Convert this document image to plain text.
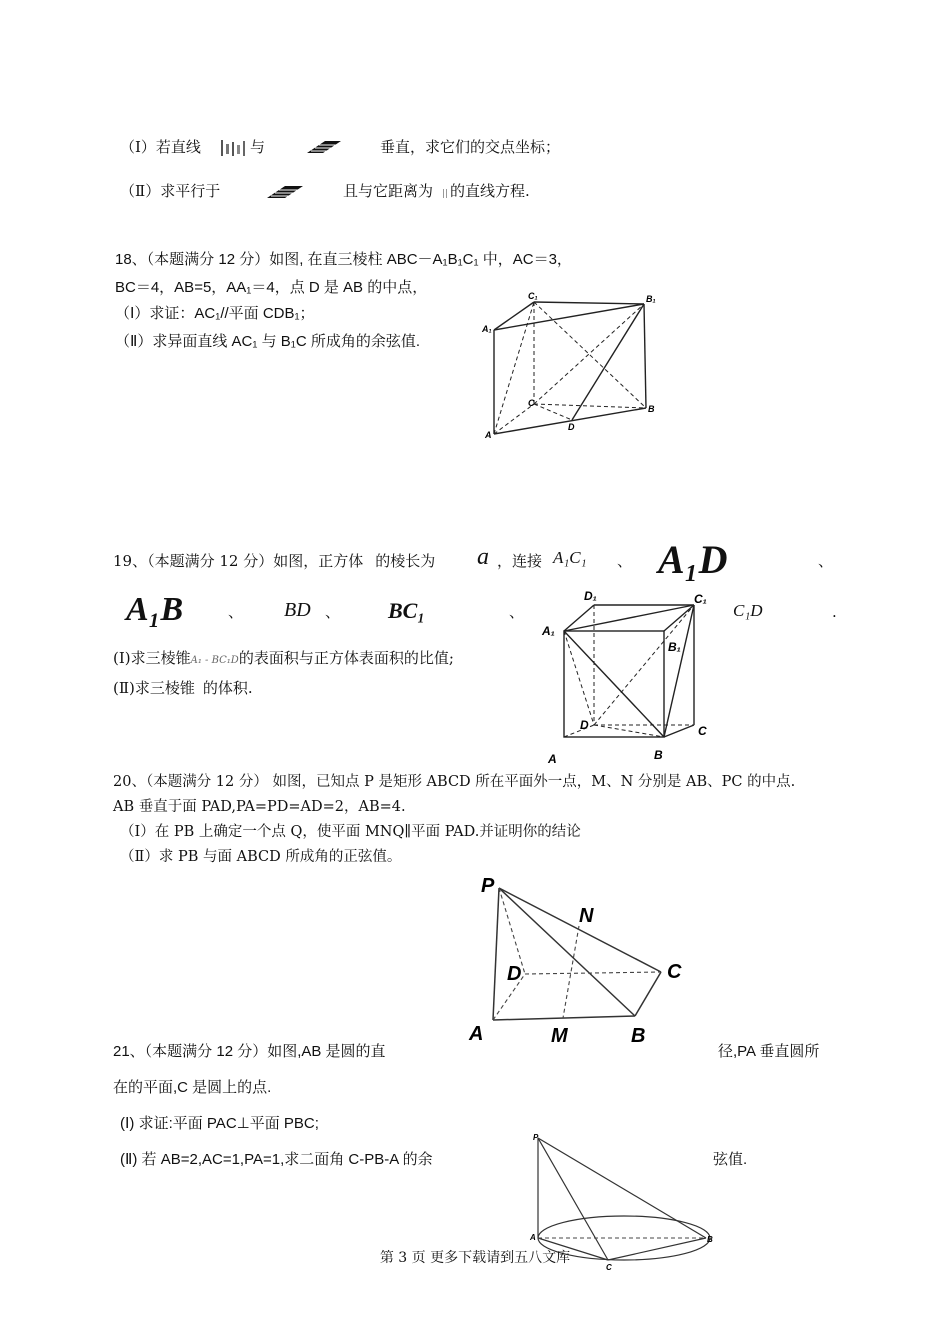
（Ⅰ）若直线	与	垂直，求它们的交点坐标；
（Ⅱ）求平行于	且与它距离为 的直线方程.
18、（本题满分 12 分）如图, 在直三棱柱 ABC－A₁B₁C₁ 中，AC＝3，
BC＝4，AB=5，AA₁＝4，点 D 是 AB 的中点，
（Ⅰ）求证：AC₁//平面 CDB₁；
（Ⅱ）求异面直线 AC₁ 与 B₁C 所成角的余弦值.
C₁	B₁
A₁
C
B
A
D
19、（本题满分 12 分）如图，正方体 的棱长为 a ，连接 A₁C₁ 、 A₁D	、
A₁B	、 BD 、 BC₁	、	C₁D	.
(Ⅰ)求三棱锥A₁ - BC₁D的表面积与正方体表面积的比值;
(Ⅱ)求三棱锥 的体积.
D₁	C₁
A₁
B₁
D	C
A	B
20、（本题满分 12 分） 如图，已知点 P 是矩形 ABCD 所在平面外一点，M、N 分别是 AB、PC 的中点.
AB 垂直于面 PAD,PA=PD=AD=2，AB=4.
（Ⅰ）在 PB 上确定一个点 Q，使平面 MNQ∥平面 PAD.并证明你的结论
（Ⅱ）求 PB 与面 ABCD 所成角的正弦值。
P
N
D	C
A	M	B
21、（本题满分 12 分）如图,AB 是圆的直	径,PA 垂直圆所
在的平面,C 是圆上的点.
(Ⅰ) 求证:平面 PAC⊥平面 PBC;
(Ⅱ) 若 AB=2,AC=1,PA=1,求二面角 C-PB-A 的余	弦值.
P
A	B
C
第 3 页 更多下载请到五八文库
